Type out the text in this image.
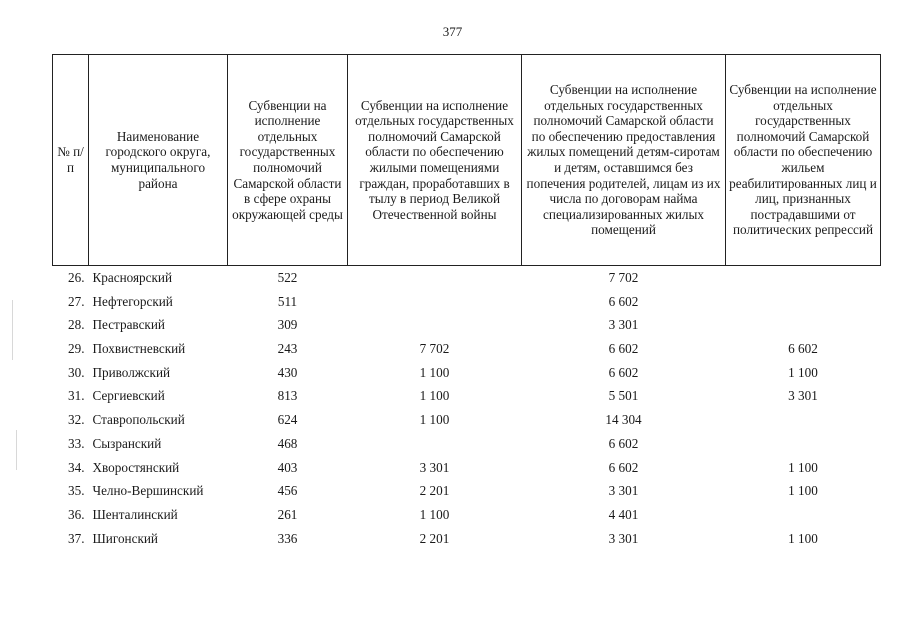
377
№ п/п	Наименование городского округа, муниципального района	Субвенции на исполнение отдельных государственных полномочий Самарской области в сфере охраны окружающей среды	Субвенции на исполнение отдельных государственных полномочий Самарской области по обеспечению жилыми помещениями граждан, проработавших в тылу в период Великой Отечественной войны	Субвенции на исполнение отдельных государственных полномочий Самарской области по обеспечению предоставления жилых помещений детям-сиротам и детям, оставшимся без попечения родителей, лицам из их числа по договорам найма специализированных жилых помещений	Субвенции на исполнение отдельных государственных полномочий Самарской области по обеспечению жильем реабилитированных лиц и лиц, признанных пострадавшими от политических репрессий
26.	Красноярский	522		7 702	
27.	Нефтегорский	511		6 602	
28.	Пестравский	309		3 301	
29.	Похвистневский	243	7 702	6 602	6 602
30.	Приволжский	430	1 100	6 602	1 100
31.	Сергиевский	813	1 100	5 501	3 301
32.	Ставропольский	624	1 100	14 304	
33.	Сызранский	468		6 602	
34.	Хворостянский	403	3 301	6 602	1 100
35.	Челно-Вершинский	456	2 201	3 301	1 100
36.	Шенталинский	261	1 100	4 401	
37.	Шигонский	336	2 201	3 301	1 100
